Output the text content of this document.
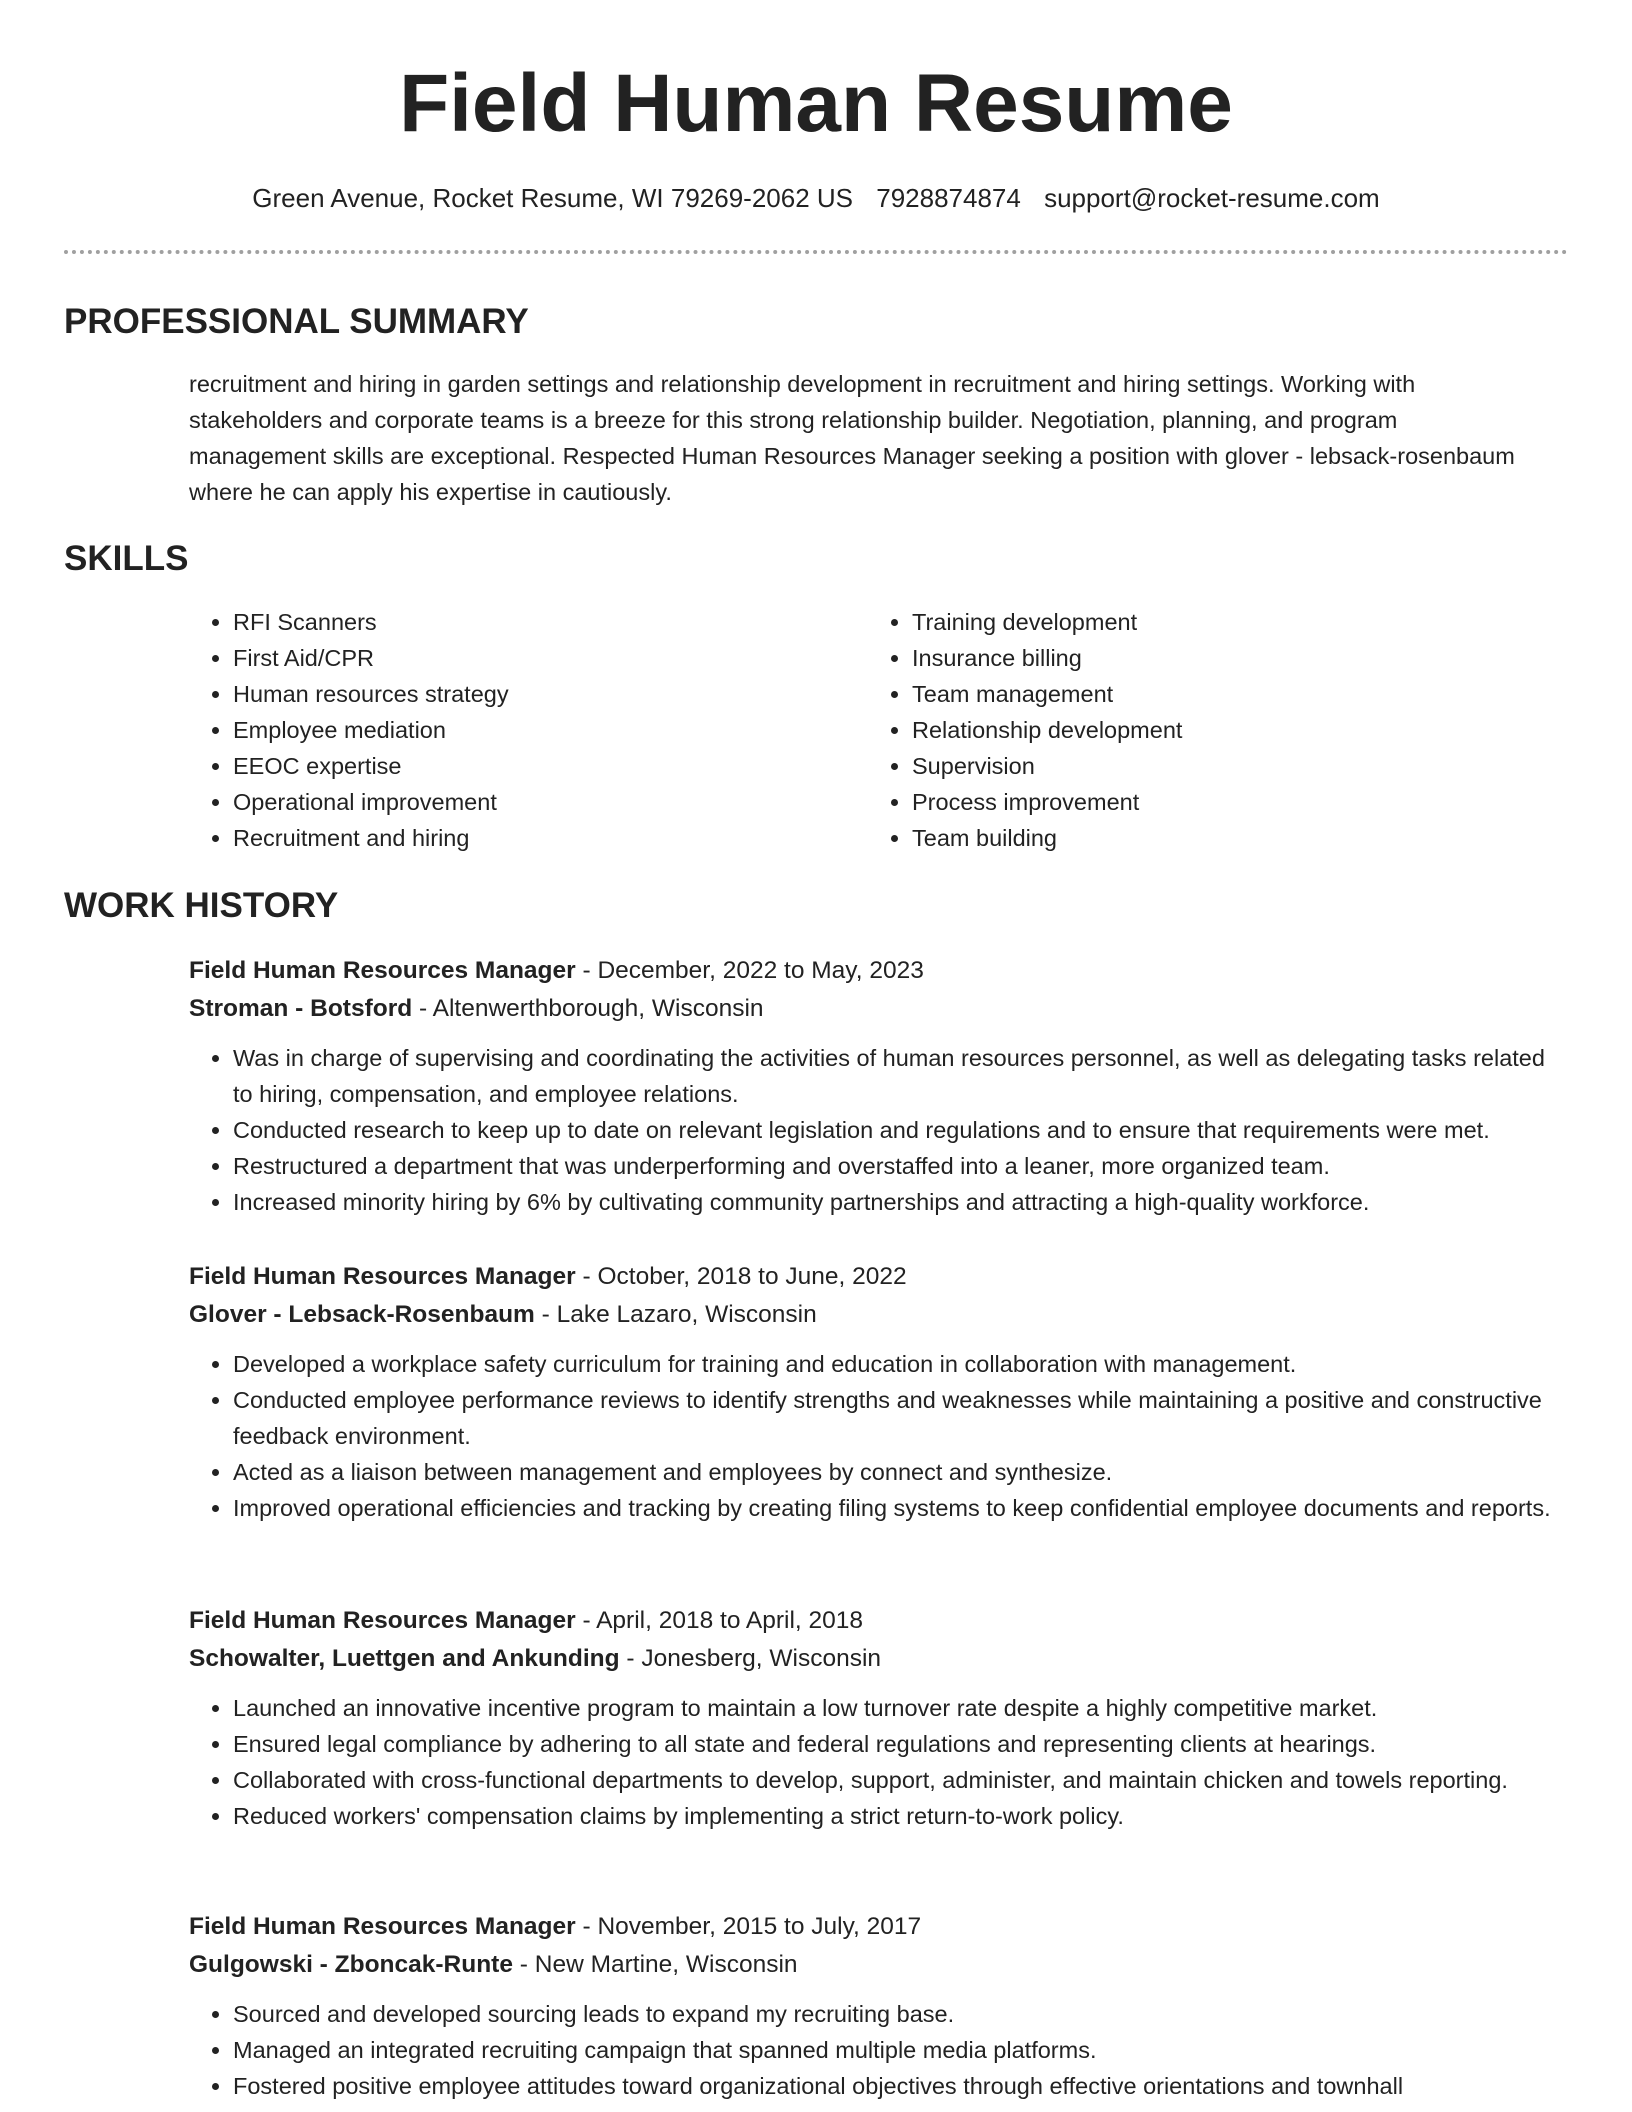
Field Human Resume
Green Avenue, Rocket Resume, WI 79269-2062 US 7928874874 support@rocket-resume.com
PROFESSIONAL SUMMARY

recruitment and hiring in garden settings and relationship development in recruitment and hiring settings. Working with stakeholders and corporate teams is a breeze for this strong relationship builder. Negotiation, planning, and program management skills are exceptional. Respected Human Resources Manager seeking a position with glover - lebsack-rosenbaum where he can apply his expertise in cautiously.

SKILLS
• RFI Scanners
• First Aid/CPR
• Human resources strategy
• Employee mediation
• EEOC expertise
• Operational improvement
• Recruitment and hiring
• Training development
• Insurance billing
• Team management
• Relationship development
• Supervision
• Process improvement
• Team building
WORK HISTORY
Field Human Resources Manager - December, 2022 to May, 2023
Stroman - Botsford - Altenwerthborough, Wisconsin
• Was in charge of supervising and coordinating the activities of human resources personnel, as well as delegating tasks related to hiring, compensation, and employee relations.
• Conducted research to keep up to date on relevant legislation and regulations and to ensure that requirements were met.
• Restructured a department that was underperforming and overstaffed into a leaner, more organized team.
• Increased minority hiring by 6% by cultivating community partnerships and attracting a high-quality workforce.
Field Human Resources Manager - October, 2018 to June, 2022
Glover - Lebsack-Rosenbaum - Lake Lazaro, Wisconsin
• Developed a workplace safety curriculum for training and education in collaboration with management.
• Conducted employee performance reviews to identify strengths and weaknesses while maintaining a positive and constructive feedback environment.
• Acted as a liaison between management and employees by connect and synthesize.
• Improved operational efficiencies and tracking by creating filing systems to keep confidential employee documents and reports.
Field Human Resources Manager - April, 2018 to April, 2018
Schowalter, Luettgen and Ankunding - Jonesberg, Wisconsin
• Launched an innovative incentive program to maintain a low turnover rate despite a highly competitive market.
• Ensured legal compliance by adhering to all state and federal regulations and representing clients at hearings.
• Collaborated with cross-functional departments to develop, support, administer, and maintain chicken and towels reporting.
• Reduced workers' compensation claims by implementing a strict return-to-work policy.
Field Human Resources Manager - November, 2015 to July, 2017
Gulgowski - Zboncak-Runte - New Martine, Wisconsin
• Sourced and developed sourcing leads to expand my recruiting base.
• Managed an integrated recruiting campaign that spanned multiple media platforms.
• Fostered positive employee attitudes toward organizational objectives through effective orientations and townhall
